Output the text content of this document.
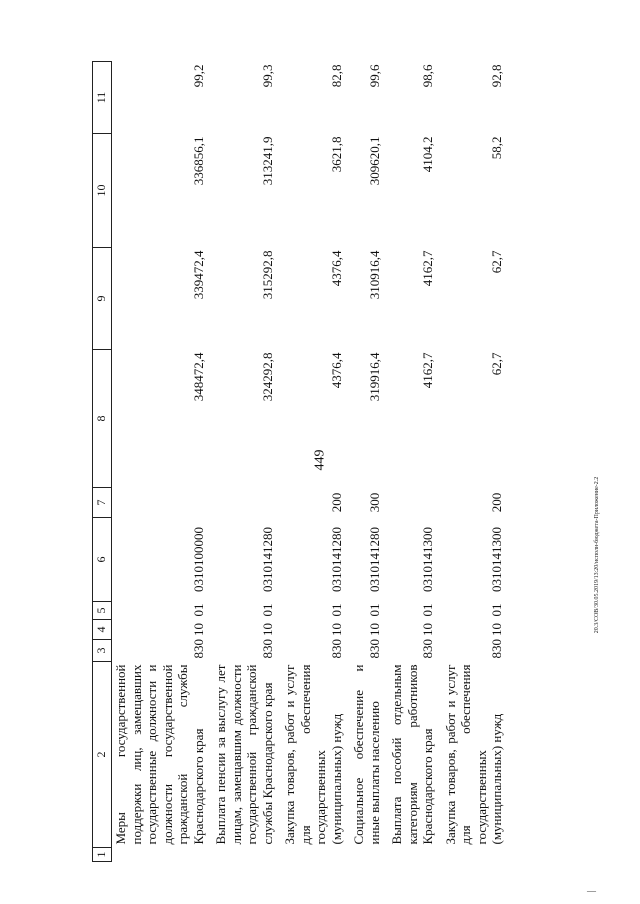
449
1	2	3	4	5	6	7	8	9	10	11
	Меры государственной поддержки лиц, замещавших государственные должности и должности государственной гражданской службы Краснодарского края	830	10	01	0310100000		348472,4	339472,4	336856,1	99,2
	Выплата пенсии за выслугу лет лицам, замещавшим должности государственной гражданской службы Краснодарского края	830	10	01	0310141280		324292,8	315292,8	313241,9	99,3
	Закупка товаров, работ и услуг для обеспечения государственных (муниципальных) нужд	830	10	01	0310141280	200	4376,4	4376,4	3621,8	82,8
	Социальное обеспечение и иные выплаты населению	830	10	01	0310141280	300	319916,4	310916,4	309620,1	99,6
	Выплата пособий отдельным категориям работников Краснодарского края	830	10	01	0310141300		4162,7	4162,7	4104,2	98,6
	Закупка товаров, работ и услуг для обеспечения государственных (муниципальных) нужд	830	10	01	0310141300	200	62,7	62,7	58,2	92,8
20.3/СОВ/30.05.2019/13:20/исполн-бюджета-Приложение-2.2
—
